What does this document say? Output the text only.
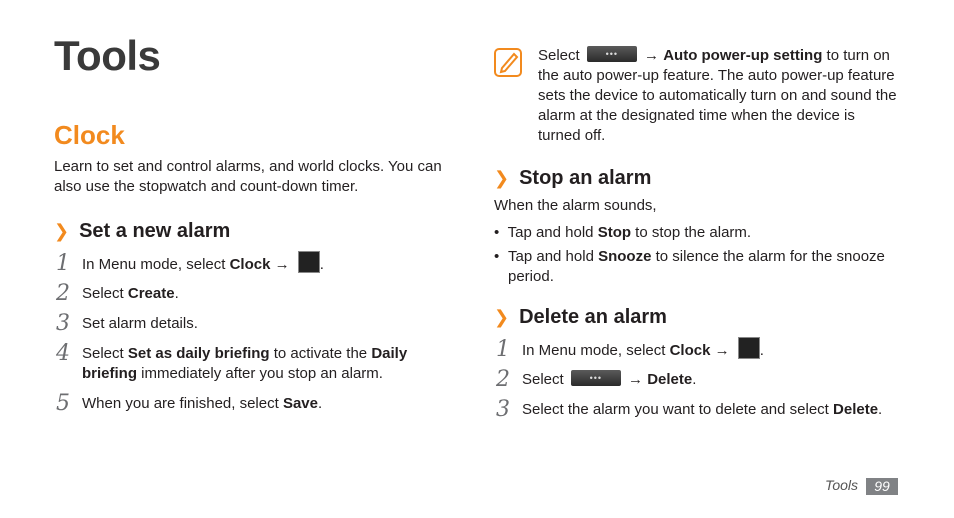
Tools
Clock
Learn to set and control alarms, and world clocks. You can also use the stopwatch and count-down timer.
❯ Set a new alarm
1 In Menu mode, select Clock → .
2 Select Create.
3 Set alarm details.
4 Select Set as daily briefing to activate the Daily briefing immediately after you stop an alarm.
5 When you are finished, select Save.
Select ••• → Auto power-up setting to turn on the auto power-up feature. The auto power-up feature sets the device to automatically turn on and sound the alarm at the designated time when the device is turned off.
❯ Stop an alarm
When the alarm sounds,
• Tap and hold Stop to stop the alarm.
• Tap and hold Snooze to silence the alarm for the snooze period.
❯ Delete an alarm
1 In Menu mode, select Clock → .
2 Select ••• → Delete.
3 Select the alarm you want to delete and select Delete.
Tools	99
